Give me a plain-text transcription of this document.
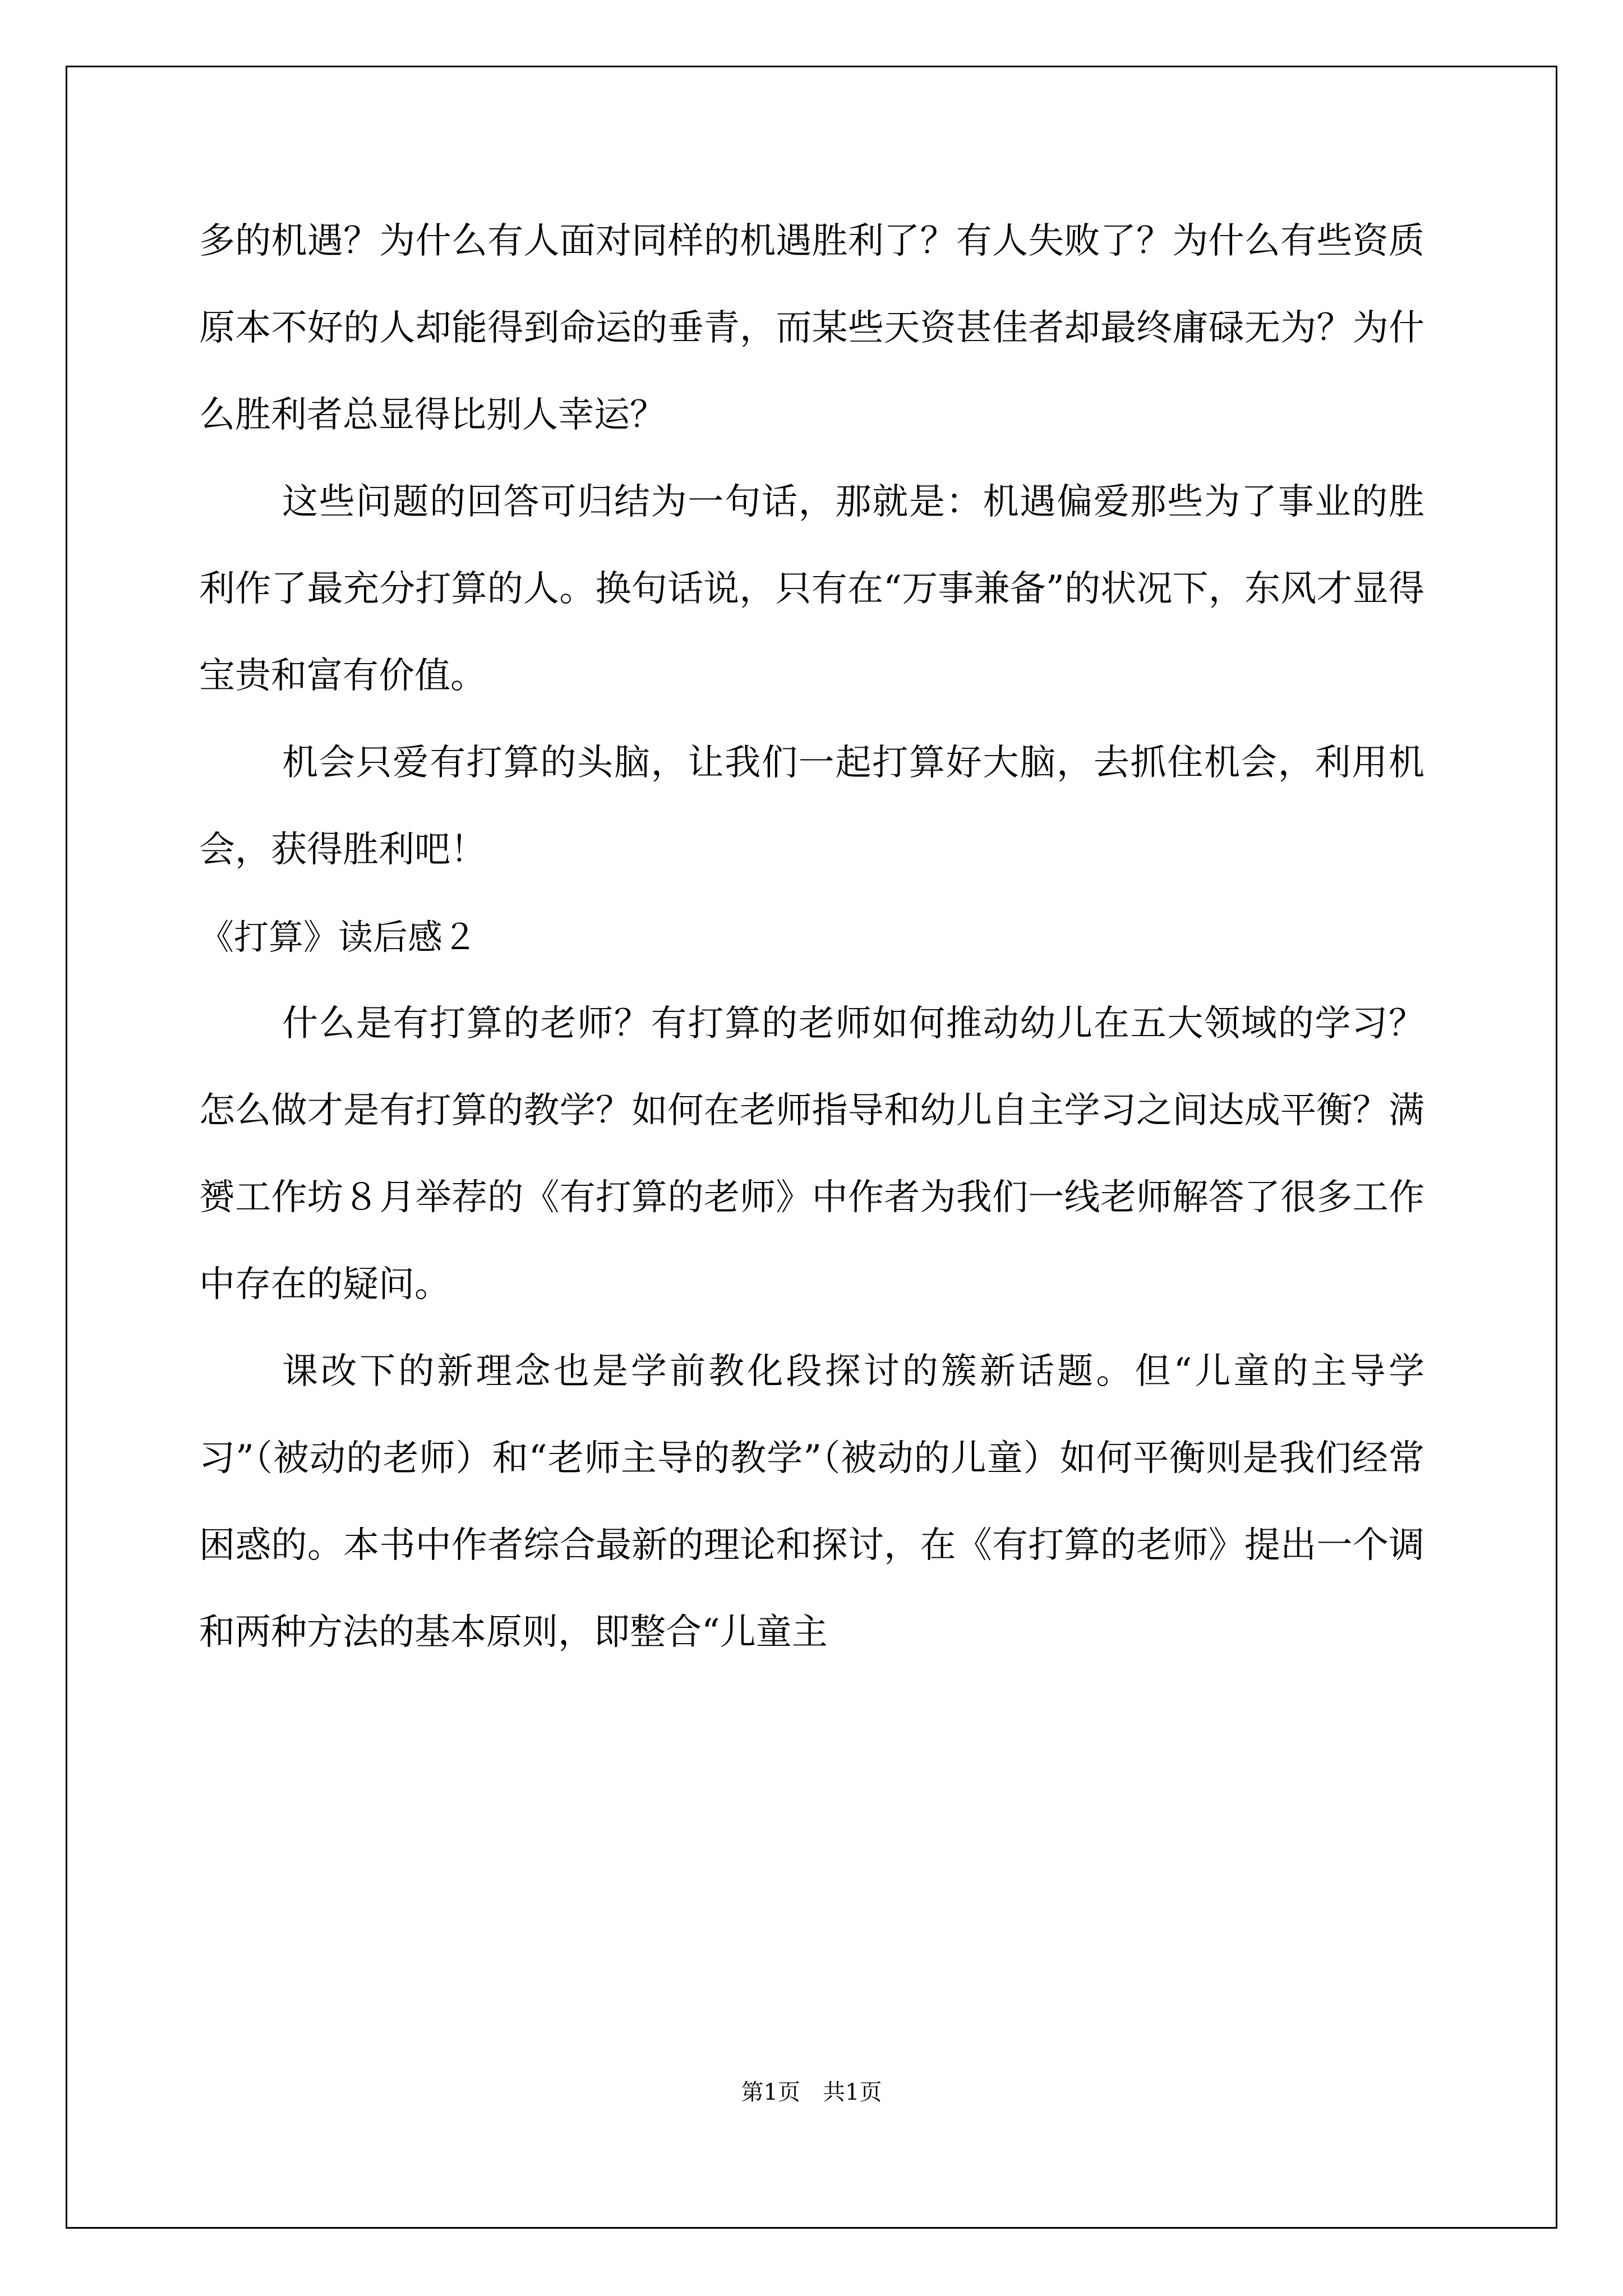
多的机遇？为什么有人面对同样的机遇胜利了？有人失败了？为什么有些资质原本不好的人却能得到命运的垂青，而某些天资甚佳者却最终庸碌无为？为什么胜利者总显得比别人幸运？

这些问题的回答可归结为一句话，那就是：机遇偏爱那些为了事业的胜利作了最充分打算的人。换句话说，只有在“万事兼备”的状况下，东风才显得宝贵和富有价值。

机会只爱有打算的头脑，让我们一起打算好大脑，去抓住机会，利用机会，获得胜利吧！

《打算》读后感２

什么是有打算的老师？有打算的老师如何推动幼儿在五大领域的学习？怎么做才是有打算的教学？如何在老师指导和幼儿自主学习之间达成平衡？满赟工作坊８月举荐的《有打算的老师》中作者为我们一线老师解答了很多工作中存在的疑问。

课改下的新理念也是学前教化段探讨的簇新话题。但“儿童的主导学习”（被动的老师）和“老师主导的教学”（被动的儿童）如何平衡则是我们经常困惑的。本书中作者综合最新的理论和探讨，在《有打算的老师》提出一个调和两种方法的基本原则，即整合“儿童主

第1页　共1页
